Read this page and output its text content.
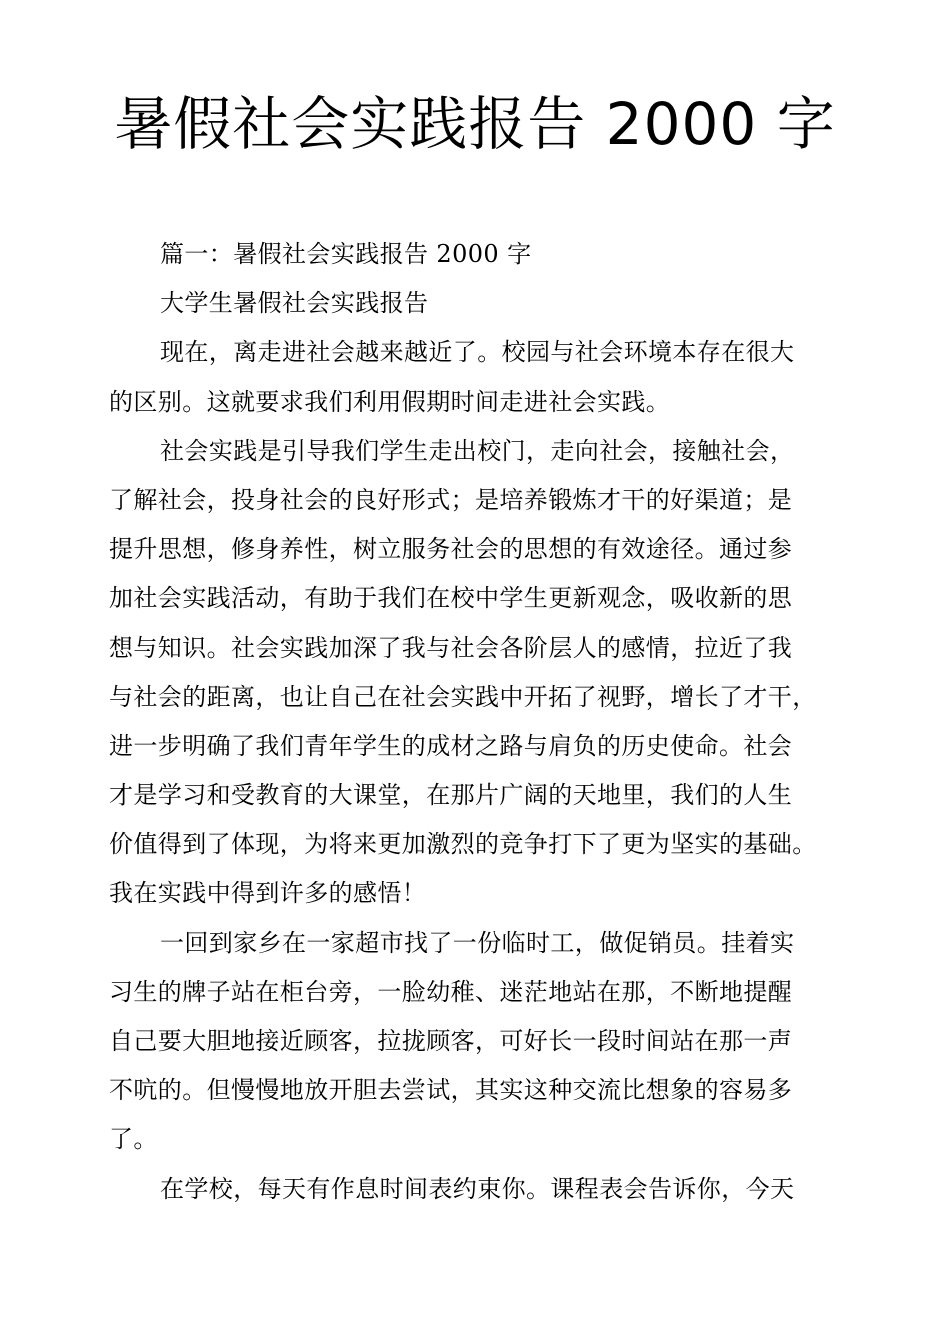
暑假社会实践报告 2000 字
篇一：暑假社会实践报告 2000 字
大学生暑假社会实践报告
现在，离走进社会越来越近了。校园与社会环境本存在很大
的区别。这就要求我们利用假期时间走进社会实践。
社会实践是引导我们学生走出校门，走向社会，接触社会，
了解社会，投身社会的良好形式；是培养锻炼才干的好渠道；是
提升思想，修身养性，树立服务社会的思想的有效途径。通过参
加社会实践活动，有助于我们在校中学生更新观念，吸收新的思
想与知识。社会实践加深了我与社会各阶层人的感情，拉近了我
与社会的距离，也让自己在社会实践中开拓了视野，增长了才干，
进一步明确了我们青年学生的成材之路与肩负的历史使命。社会
才是学习和受教育的大课堂，在那片广阔的天地里，我们的人生
价值得到了体现，为将来更加激烈的竞争打下了更为坚实的基础。
我在实践中得到许多的感悟！
一回到家乡在一家超市找了一份临时工，做促销员。挂着实
习生的牌子站在柜台旁，一脸幼稚、迷茫地站在那，不断地提醒
自己要大胆地接近顾客，拉拢顾客，可好长一段时间站在那一声
不吭的。但慢慢地放开胆去尝试，其实这种交流比想象的容易多
了。
在学校，每天有作息时间表约束你。课程表会告诉你，今天
